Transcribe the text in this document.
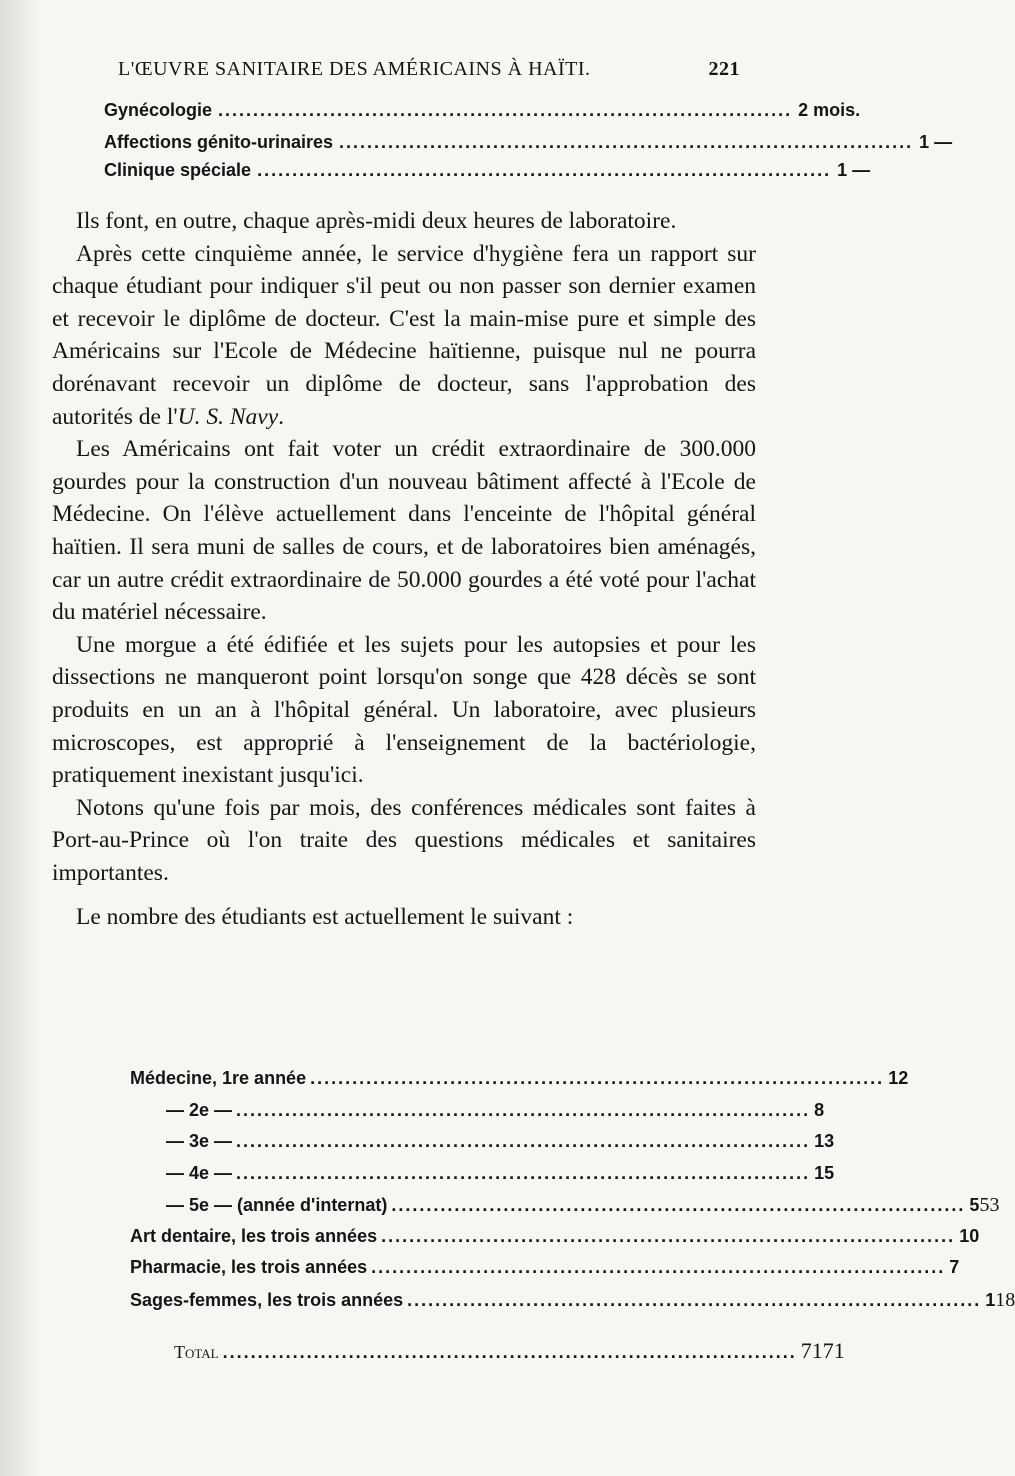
L'ŒUVRE SANITAIRE DES AMÉRICAINS À HAÏTI.	221
Gynécologie .................................................................................. 2 mois.
Affections génito-urinaires .................................................................................. 1 —
Clinique spéciale .................................................................................. 1 —

Ils font, en outre, chaque après-midi deux heures de laboratoire.

Après cette cinquième année, le service d'hygiène fera un rapport sur chaque étudiant pour indiquer s'il peut ou non passer son dernier examen et recevoir le diplôme de docteur. C'est la main-mise pure et simple des Américains sur l'Ecole de Médecine haïtienne, puisque nul ne pourra dorénavant recevoir un diplôme de docteur, sans l'approbation des autorités de l'U. S. Navy.

Les Américains ont fait voter un crédit extraordinaire de 300.000 gourdes pour la construction d'un nouveau bâtiment affecté à l'Ecole de Médecine. On l'élève actuellement dans l'enceinte de l'hôpital général haïtien. Il sera muni de salles de cours, et de laboratoires bien aménagés, car un autre crédit extraordinaire de 50.000 gourdes a été voté pour l'achat du matériel nécessaire.

Une morgue a été édifiée et les sujets pour les autopsies et pour les dissections ne manqueront point lorsqu'on songe que 428 décès se sont produits en un an à l'hôpital général. Un laboratoire, avec plusieurs microscopes, est approprié à l'enseignement de la bactériologie, pratiquement inexistant jusqu'ici.

Notons qu'une fois par mois, des conférences médicales sont faites à Port-au-Prince où l'on traite des questions médicales et sanitaires importantes.

Le nombre des étudiants est actuellement le suivant :

Médecine, 1re année .................................................................................. 12
— 2e — .................................................................................. 8
— 3e — .................................................................................. 13
— 4e — .................................................................................. 15
— 5e — (année d'internat) .................................................................................. 5 53
Art dentaire, les trois années .................................................................................. 10
Pharmacie, les trois années .................................................................................. 7
Sages-femmes, les trois années .................................................................................. 1 18
Total .................................................................................. 71 71
